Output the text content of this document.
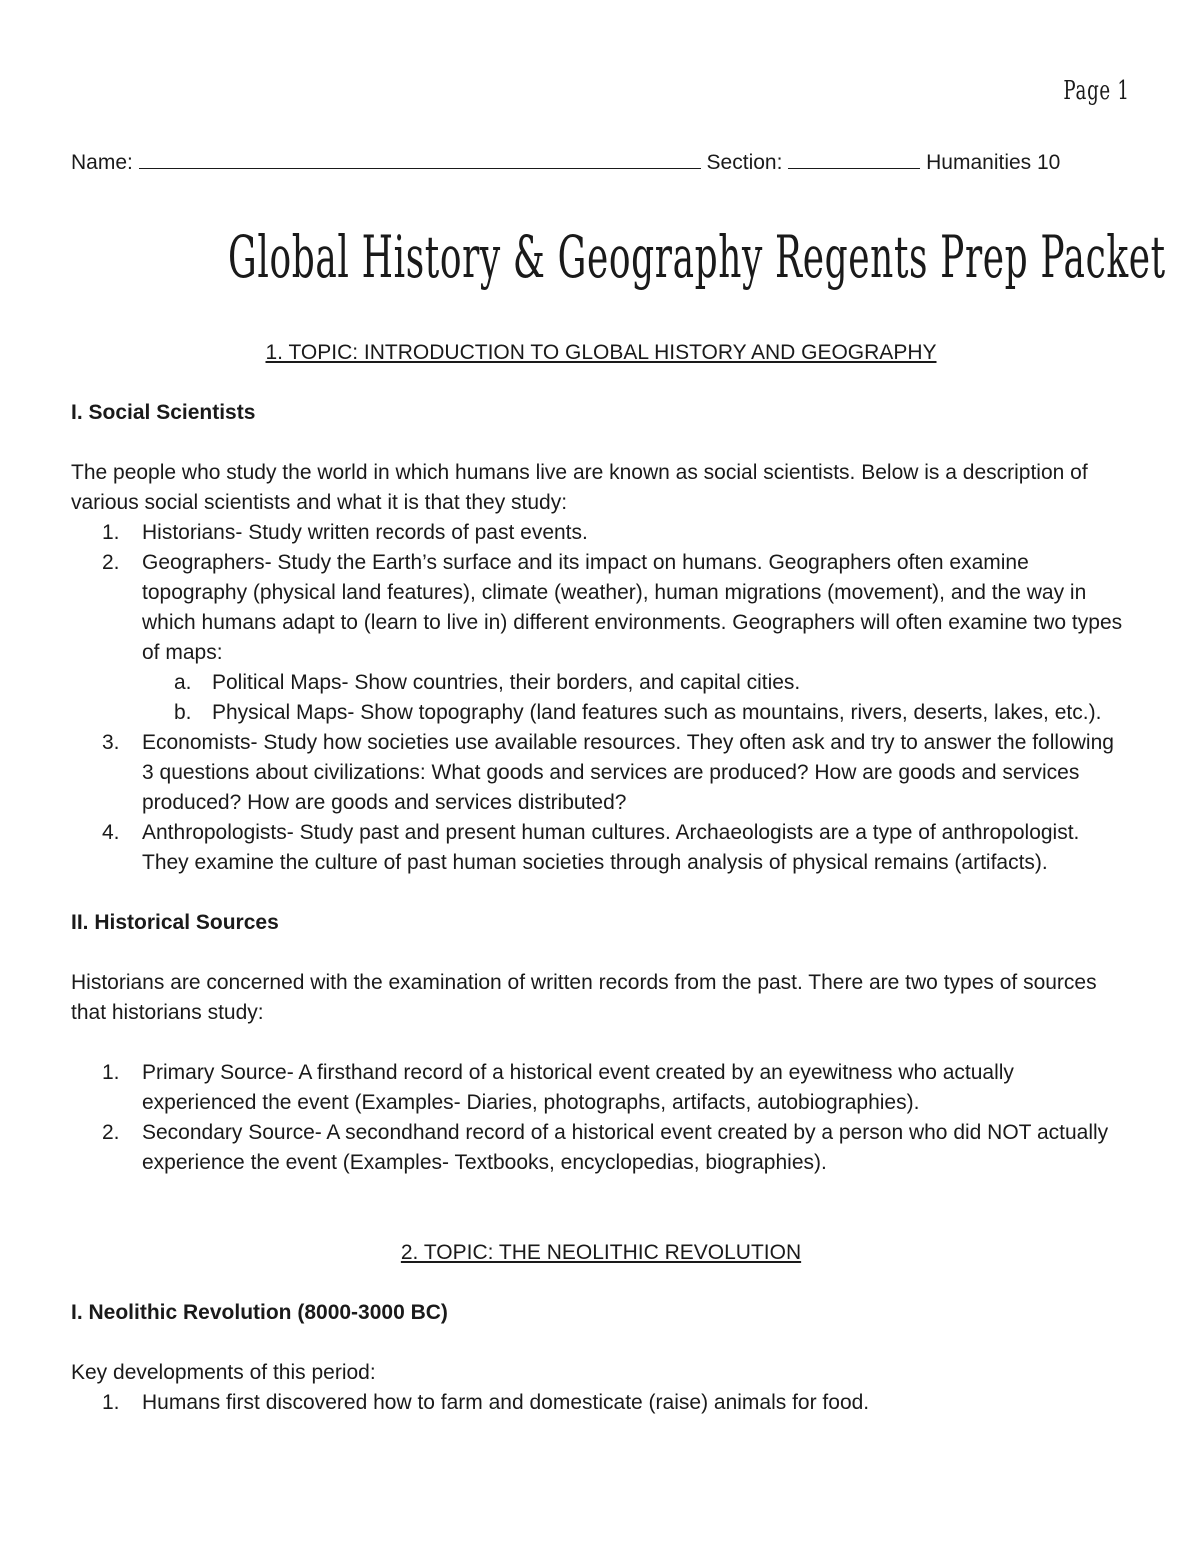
Page 1
Name:	Section:	Humanities 10
Global History & Geography Regents Prep Packet

1. TOPIC: INTRODUCTION TO GLOBAL HISTORY AND GEOGRAPHY

I. Social Scientists

The people who study the world in which humans live are known as social scientists. Below is a description of various social scientists and what it is that they study:

1.	Historians- Study written records of past events.
2.	Geographers- Study the Earth’s surface and its impact on humans. Geographers often examine topography (physical land features), climate (weather), human migrations (movement), and the way in which humans adapt to (learn to live in) different environments. Geographers will often examine two types of maps:
a. Political Maps- Show countries, their borders, and capital cities.
b. Physical Maps- Show topography (land features such as mountains, rivers, deserts, lakes, etc.).
3.	Economists- Study how societies use available resources. They often ask and try to answer the following 3 questions about civilizations: What goods and services are produced? How are goods and services produced? How are goods and services distributed?
4.	Anthropologists- Study past and present human cultures. Archaeologists are a type of anthropologist. They examine the culture of past human societies through analysis of physical remains (artifacts).

II. Historical Sources

Historians are concerned with the examination of written records from the past. There are two types of sources that historians study:

1.	Primary Source- A firsthand record of a historical event created by an eyewitness who actually experienced the event (Examples- Diaries, photographs, artifacts, autobiographies).
2.	Secondary Source- A secondhand record of a historical event created by a person who did NOT actually experience the event (Examples- Textbooks, encyclopedias, biographies).

2. TOPIC: THE NEOLITHIC REVOLUTION

I. Neolithic Revolution (8000-3000 BC)

Key developments of this period:

1.	Humans first discovered how to farm and domesticate (raise) animals for food.
